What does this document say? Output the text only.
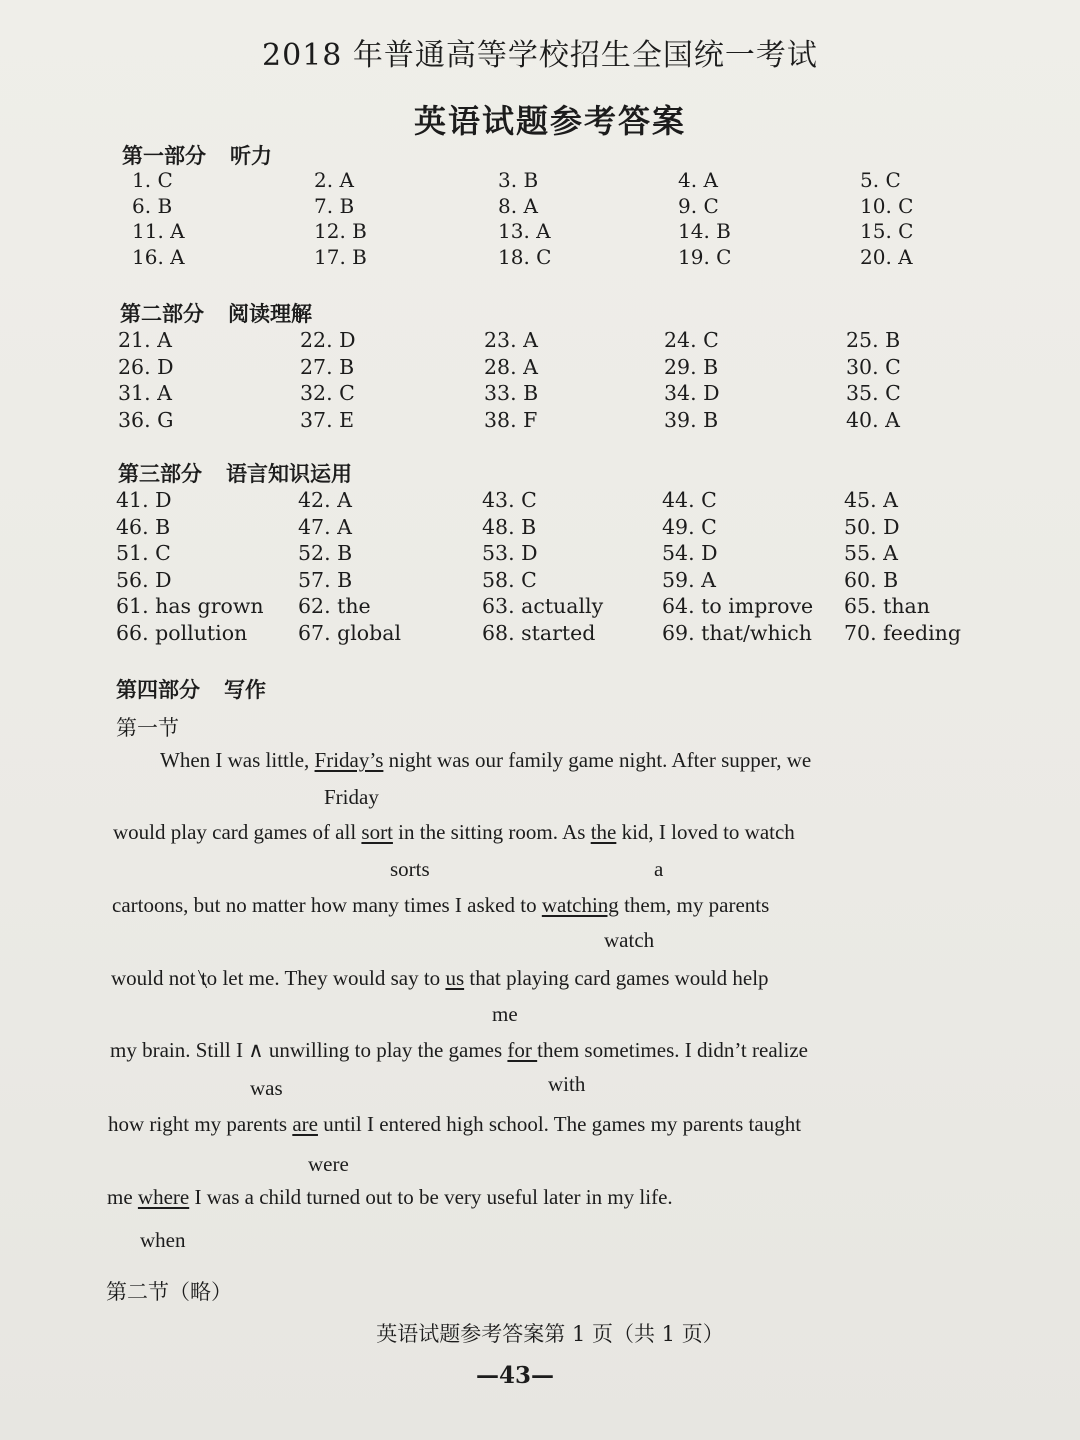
2018 年普通高等学校招生全国统一考试
英语试题参考答案
第一部分 听力
1. C	2. A	3. B	4. A	5. C
6. B	7. B	8. A	9. C	10. C
11. A	12. B	13. A	14. B	15. C
16. A	17. B	18. C	19. C	20. A
第二部分 阅读理解
21. A	22. D	23. A	24. C	25. B
26. D	27. B	28. A	29. B	30. C
31. A	32. C	33. B	34. D	35. C
36. G	37. E	38. F	39. B	40. A
第三部分 语言知识运用
41. D	42. A	43. C	44. C	45. A
46. B	47. A	48. B	49. C	50. D
51. C	52. B	53. D	54. D	55. A
56. D	57. B	58. C	59. A	60. B
61. has grown	62. the	63. actually	64. to improve	65. than
66. pollution	67. global	68. started	69. that/which	70. feeding
第四部分 写作
第一节
When I was little, Friday’s night was our family game night. After supper, we
Friday
would play card games of all sort in the sitting room. As the kid, I loved to watch
sorts	a
cartoons, but no matter how many times I asked to watching them, my parents
watch
would not to let me. They would say to us that playing card games would help
me
my brain. Still I ∧ unwilling to play the games for them sometimes. I didn’t realize
was	with
how right my parents are until I entered high school. The games my parents taught
were
me where I was a child turned out to be very useful later in my life.
when
第二节（略）
英语试题参考答案第 1 页（共 1 页）
—43—
